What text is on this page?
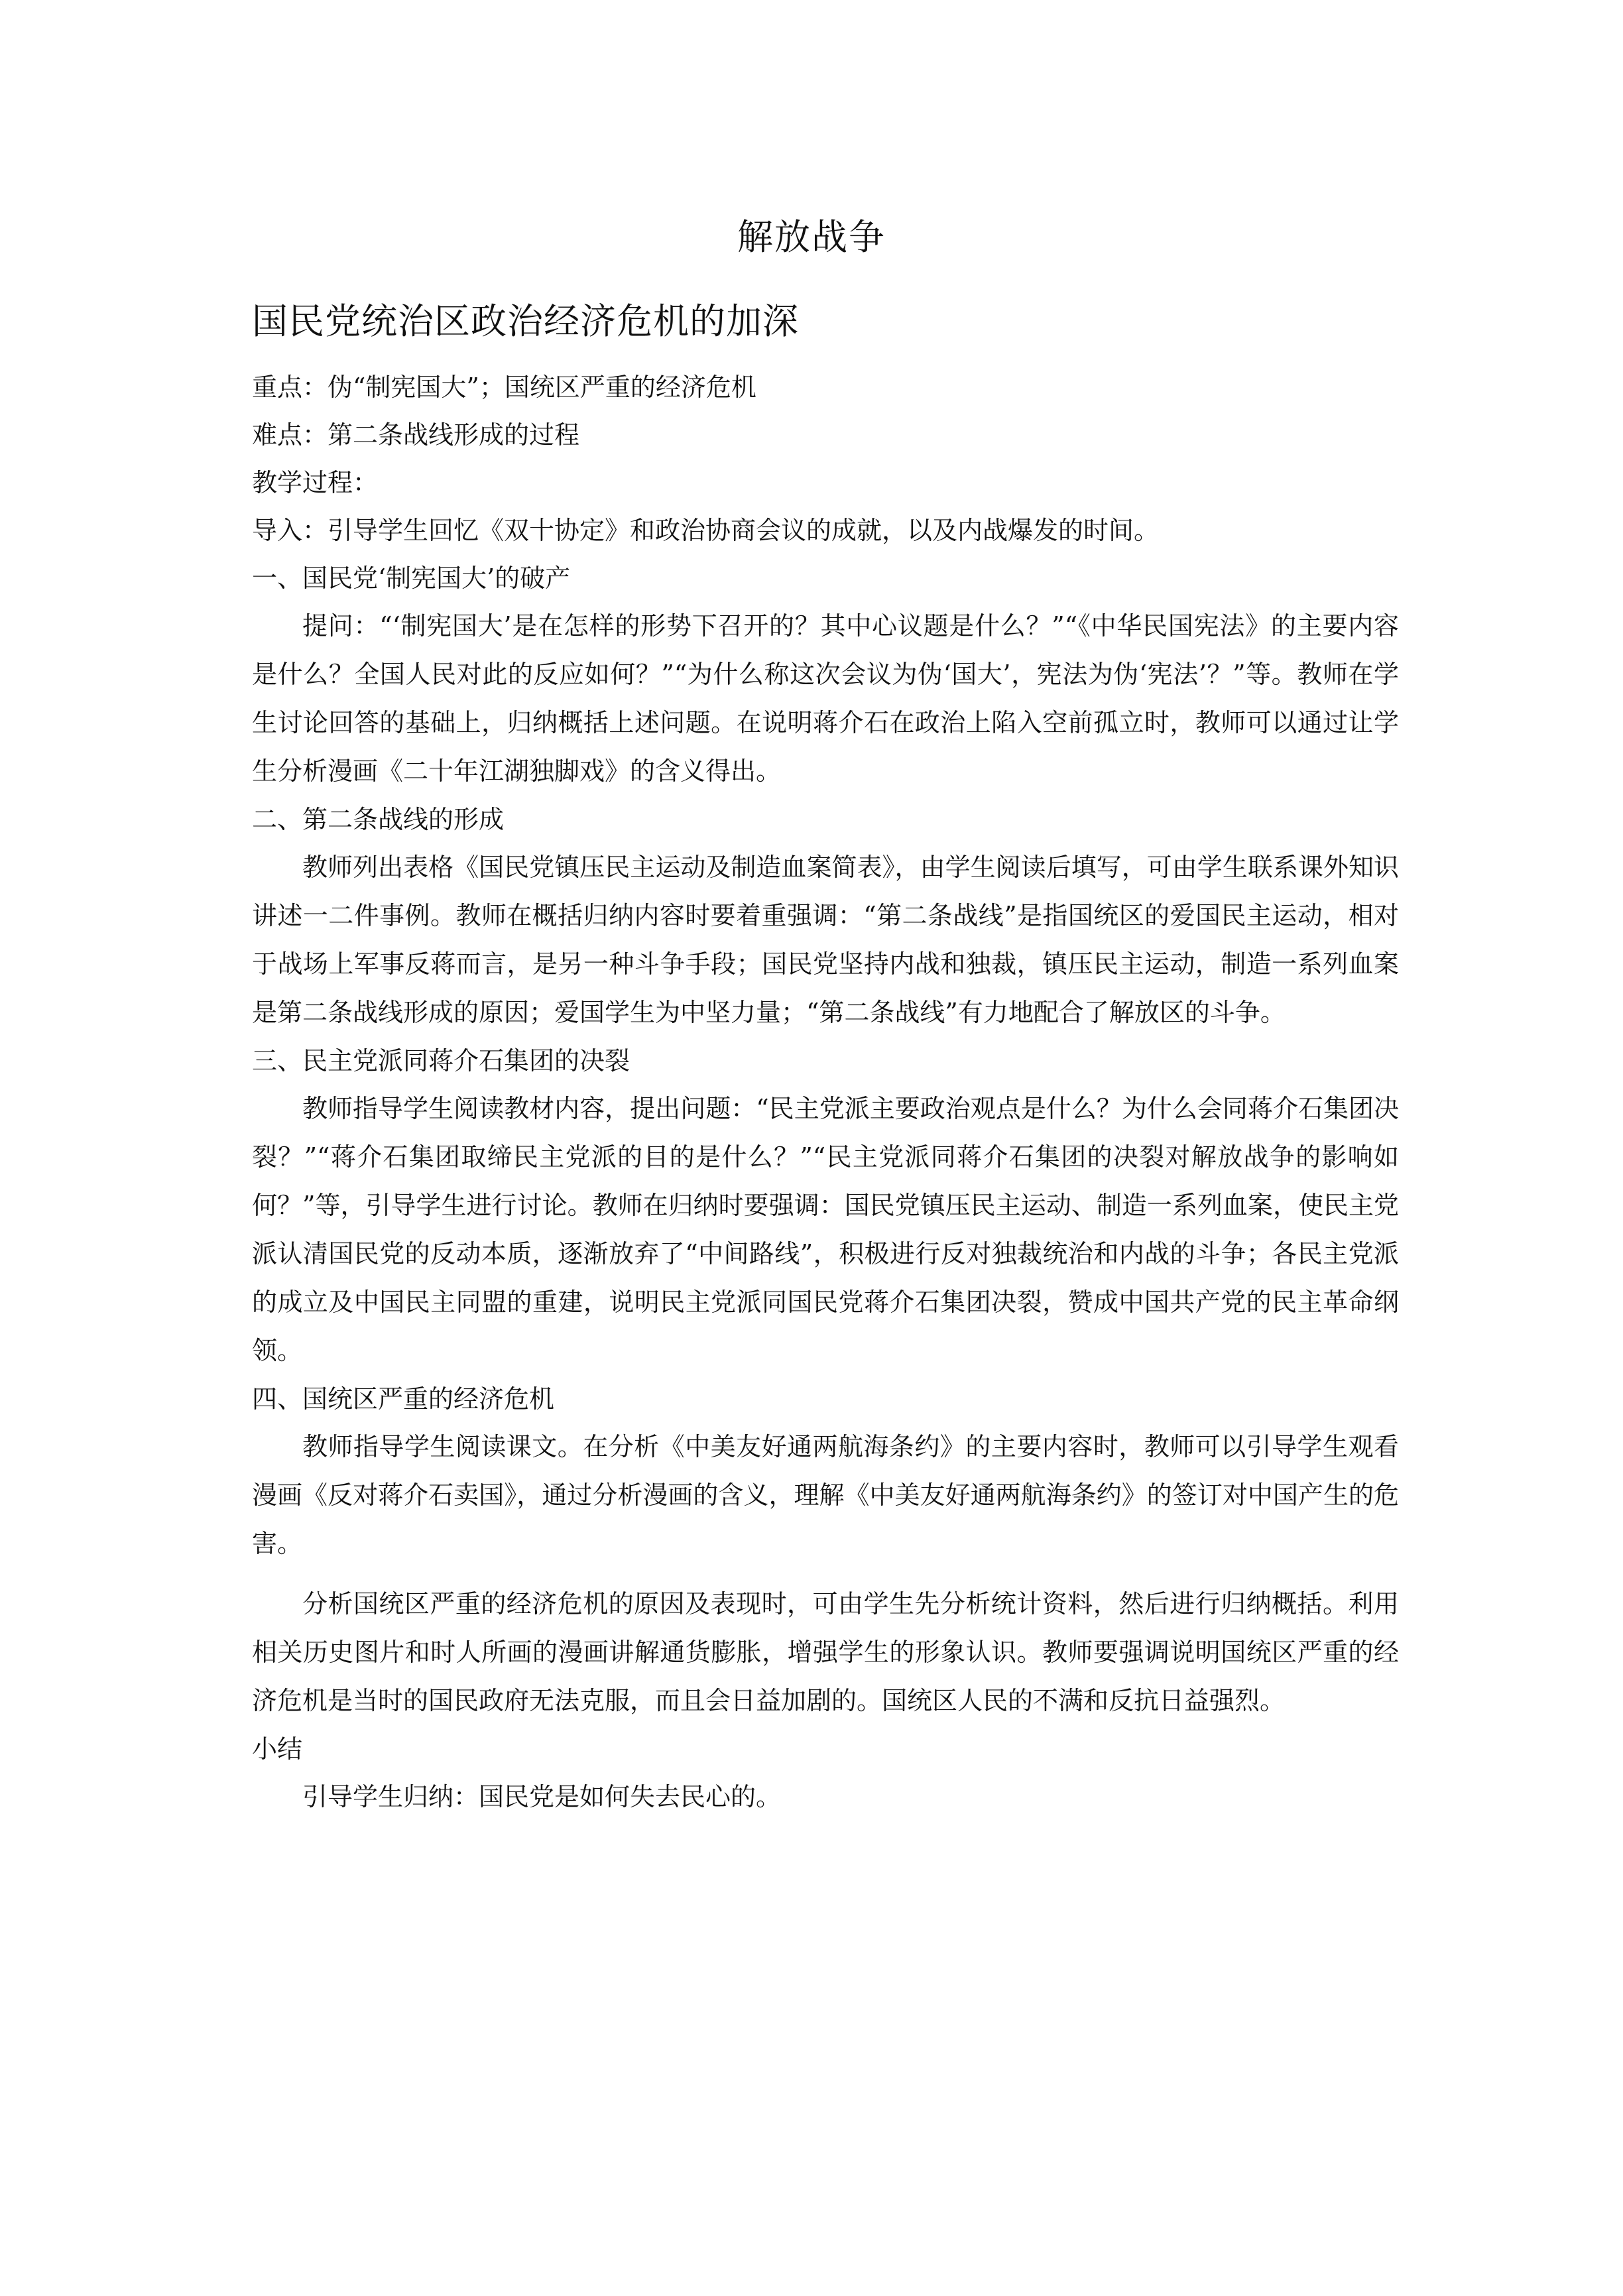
解放战争
国民党统治区政治经济危机的加深

重点：伪“制宪国大”；国统区严重的经济危机

难点：第二条战线形成的过程

教学过程：

导入：引导学生回忆《双十协定》和政治协商会议的成就，以及内战爆发的时间。

一、国民党‘制宪国大’的破产

提问：“‘制宪国大’是在怎样的形势下召开的？其中心议题是什么？”“《中华民国宪法》的主要内容是什么？全国人民对此的反应如何？”“为什么称这次会议为伪‘国大’，宪法为伪‘宪法’？”等。教师在学生讨论回答的基础上，归纳概括上述问题。在说明蒋介石在政治上陷入空前孤立时，教师可以通过让学生分析漫画《二十年江湖独脚戏》的含义得出。

二、第二条战线的形成

教师列出表格《国民党镇压民主运动及制造血案简表》，由学生阅读后填写，可由学生联系课外知识讲述一二件事例。教师在概括归纳内容时要着重强调：“第二条战线”是指国统区的爱国民主运动，相对于战场上军事反蒋而言，是另一种斗争手段；国民党坚持内战和独裁，镇压民主运动，制造一系列血案是第二条战线形成的原因；爱国学生为中坚力量；“第二条战线”有力地配合了解放区的斗争。

三、民主党派同蒋介石集团的决裂

教师指导学生阅读教材内容，提出问题：“民主党派主要政治观点是什么？为什么会同蒋介石集团决裂？”“蒋介石集团取缔民主党派的目的是什么？”“民主党派同蒋介石集团的决裂对解放战争的影响如何？”等，引导学生进行讨论。教师在归纳时要强调：国民党镇压民主运动、制造一系列血案，使民主党派认清国民党的反动本质，逐渐放弃了“中间路线”，积极进行反对独裁统治和内战的斗争；各民主党派的成立及中国民主同盟的重建，说明民主党派同国民党蒋介石集团决裂，赞成中国共产党的民主革命纲领。

四、国统区严重的经济危机

教师指导学生阅读课文。在分析《中美友好通两航海条约》的主要内容时，教师可以引导学生观看漫画《反对蒋介石卖国》，通过分析漫画的含义，理解《中美友好通两航海条约》的签订对中国产生的危害。

分析国统区严重的经济危机的原因及表现时，可由学生先分析统计资料，然后进行归纳概括。利用相关历史图片和时人所画的漫画讲解通货膨胀，增强学生的形象认识。教师要强调说明国统区严重的经济危机是当时的国民政府无法克服，而且会日益加剧的。国统区人民的不满和反抗日益强烈。

小结

引导学生归纳：国民党是如何失去民心的。
